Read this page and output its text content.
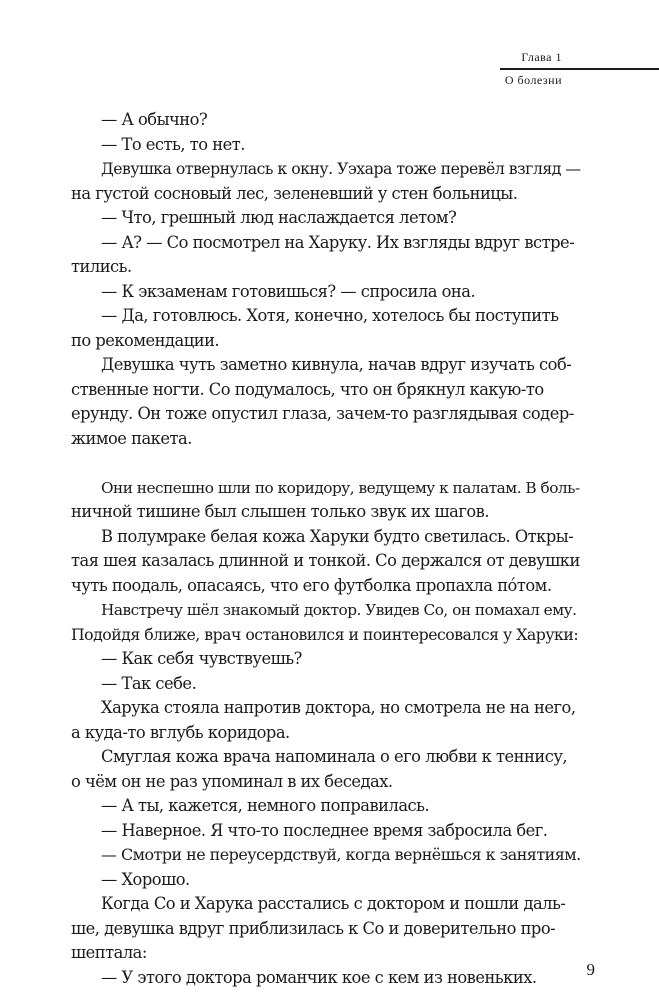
Глава 1
О болезни

— А обычно?

— То есть, то нет.

Девушка отвернулась к окну. Уэхара тоже перевёл взгляд —

на густой сосновый лес, зеленевший у стен больницы.

— Что, грешный люд наслаждается летом?

— А? — Со посмотрел на Харуку. Их взгляды вдруг встре-

тились.

— К экзаменам готовишься? — спросила она.

— Да, готовлюсь. Хотя, конечно, хотелось бы поступить

по рекомендации.

Девушка чуть заметно кивнула, начав вдруг изучать соб-

ственные ногти. Со подумалось, что он брякнул какую-то

ерунду. Он тоже опустил глаза, зачем-то разглядывая содер-

жимое пакета.

Они неспешно шли по коридору, ведущему к палатам. В боль-

ничной тишине был слышен только звук их шагов.

В полумраке белая кожа Харуки будто светилась. Откры-

тая шея казалась длинной и тонкой. Со держался от девушки

чуть поодаль, опасаясь, что его футболка пропахла пóтом.

Навстречу шёл знакомый доктор. Увидев Со, он помахал ему.

Подойдя ближе, врач остановился и поинтересовался у Харуки:

— Как себя чувствуешь?

— Так себе.

Харука стояла напротив доктора, но смотрела не на него,

а куда-то вглубь коридора.

Смуглая кожа врача напоминала о его любви к теннису,

о чём он не раз упоминал в их беседах.

— А ты, кажется, немного поправилась.

— Наверное. Я что-то последнее время забросила бег.

— Смотри не переусердствуй, когда вернёшься к занятиям.

— Хорошо.

Когда Со и Харука расстались с доктором и пошли даль-

ше, девушка вдруг приблизилась к Со и доверительно про-

шептала:

— У этого доктора романчик кое с кем из новеньких.	9
